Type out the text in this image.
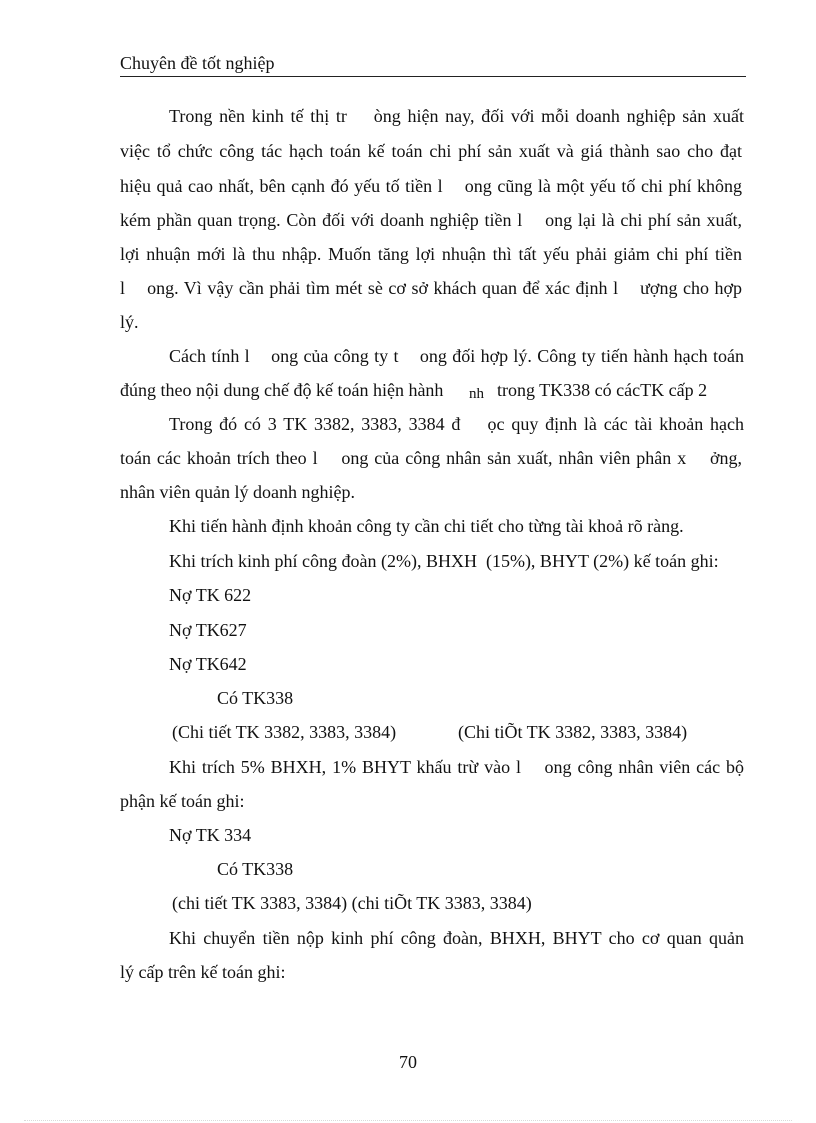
Chuyên đề tốt nghiệp
Trong nền kinh tế thị tr    òng hiện nay, đối với mỗi doanh nghiệp sản xuất
việc tổ chức công tác hạch toán kế toán chi phí sản xuất và giá thành sao cho đạt
hiệu quả cao nhất, bên cạnh đó yếu tố tiền l    ong cũng là một yếu tố chi phí không
kém phần quan trọng. Còn đối với doanh nghiệp tiền l    ong lại là chi phí sản xuất,
lợi nhuận mới là thu nhập. Muốn tăng lợi nhuận thì tất yếu phải giảm chi phí tiền
l    ong. Vì vậy cần phải tìm mét sè cơ sở khách quan để xác định l    ượng cho hợp
lý.
Cách tính l    ong của công ty t    ong đối hợp lý. Công ty tiến hành hạch toán
đúng theo nội dung chế độ kế toán hiện hành nh trong TK338 có cácTK cấp 2
Trong đó có 3 TK 3382, 3383, 3384 đ    ọc quy định là các tài khoản hạch
toán các khoản trích theo l    ong của công nhân sản xuất, nhân viên phân x    ởng,
nhân viên quản lý doanh nghiệp.
Khi tiến hành định khoản công ty cần chi tiết cho từng tài khoả rõ ràng.
Khi trích kinh phí công đoàn (2%), BHXH  (15%), BHYT (2%) kế toán ghi:
Nợ TK 622
Nợ TK627
Nợ TK642
Có TK338
(Chi tiết TK 3382, 3383, 3384)	(Chi tiÕt TK 3382, 3383, 3384)
Khi trích 5% BHXH, 1% BHYT khấu trừ vào l    ong công nhân viên các bộ
phận kế toán ghi:
Nợ TK 334
Có TK338
(chi tiết TK 3383, 3384) (chi tiÕt TK 3383, 3384)
Khi chuyển tiền nộp kinh phí công đoàn, BHXH, BHYT cho cơ quan quản
lý cấp trên kế toán ghi:
70
